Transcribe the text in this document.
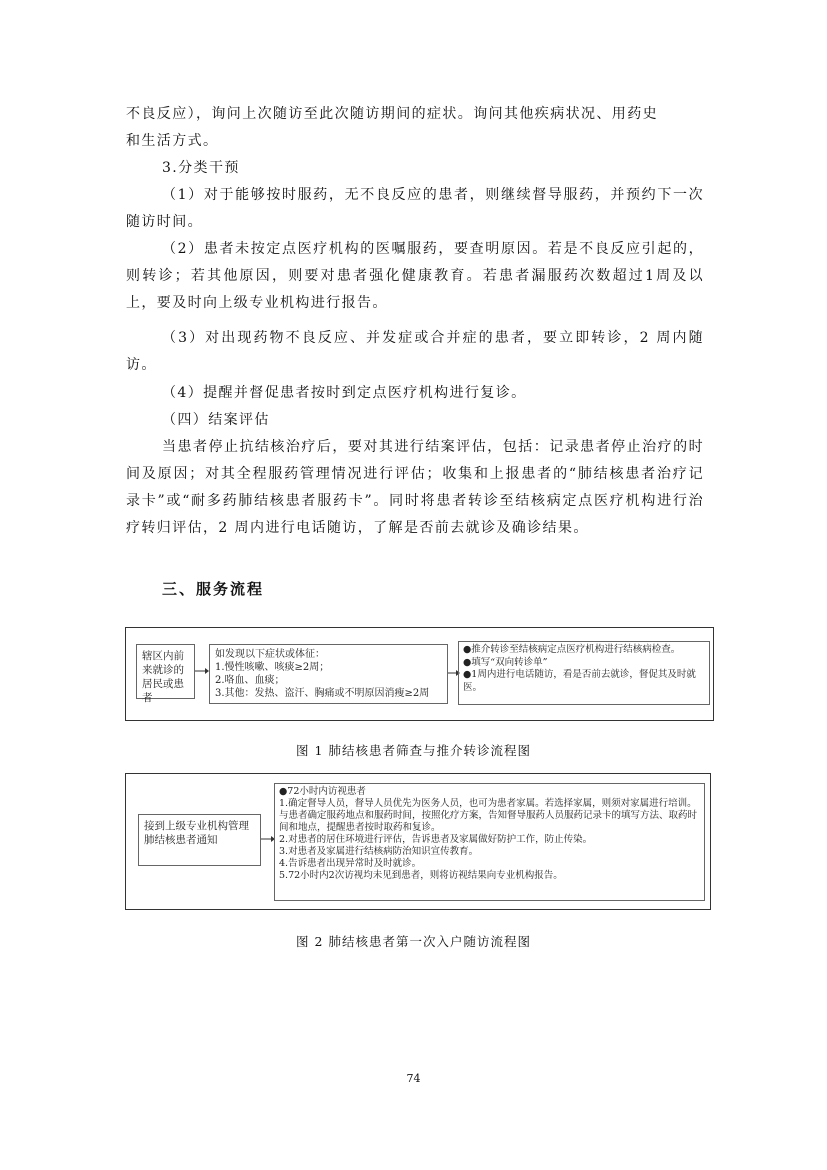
不良反应），询问上次随访至此次随访期间的症状。询问其他疾病状况、用药史

和生活方式。

3.分类干预

（1）对于能够按时服药，无不良反应的患者，则继续督导服药，并预约下一次随访时间。

（2）患者未按定点医疗机构的医嘱服药，要查明原因。若是不良反应引起的，则转诊；若其他原因，则要对患者强化健康教育。若患者漏服药次数超过1周及以上，要及时向上级专业机构进行报告。

（3）对出现药物不良反应、并发症或合并症的患者，要立即转诊，2 周内随访。

（4）提醒并督促患者按时到定点医疗机构进行复诊。

（四）结案评估

当患者停止抗结核治疗后，要对其进行结案评估，包括：记录患者停止治疗的时间及原因；对其全程服药管理情况进行评估；收集和上报患者的“肺结核患者治疗记录卡”或“耐多药肺结核患者服药卡”。同时将患者转诊至结核病定点医疗机构进行治疗转归评估，2 周内进行电话随访，了解是否前去就诊及确诊结果。

三、服务流程

辖区内前来就诊的居民或患者

如发现以下症状或体征：

1.慢性咳嗽、咳痰≥2周；

2.咯血、血痰；

3.其他：发热、盗汗、胸痛或不明原因消瘦≥2周

●推介转诊至结核病定点医疗机构进行结核病检查。

●填写“双向转诊单”

●1周内进行电话随访，看是否前去就诊，督促其及时就医。

图 1 肺结核患者筛查与推介转诊流程图

接到上级专业机构管理肺结核患者通知

●72小时内访视患者

1.确定督导人员，督导人员优先为医务人员，也可为患者家属。若选择家属，则须对家属进行培训。与患者确定服药地点和服药时间，按照化疗方案，告知督导服药人员服药记录卡的填写方法、取药时间和地点，提醒患者按时取药和复诊。

2.对患者的居住环境进行评估，告诉患者及家属做好防护工作，防止传染。

3.对患者及家属进行结核病防治知识宣传教育。

4.告诉患者出现异常时及时就诊。

5.72小时内2次访视均未见到患者，则将访视结果向专业机构报告。

图 2 肺结核患者第一次入户随访流程图

74
